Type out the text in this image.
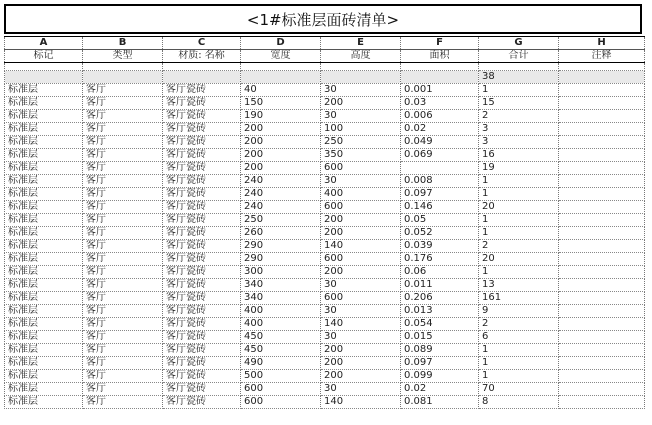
<1#标准层面砖清单>
A	B	C	D	E	F	G	H
标记	类型	材质: 名称	宽度	高度	面积	合计	注释

						38	
标准层	客厅	客厅瓷砖	40	30	0.001	1	
标准层	客厅	客厅瓷砖	150	200	0.03	15	
标准层	客厅	客厅瓷砖	190	30	0.006	2	
标准层	客厅	客厅瓷砖	200	100	0.02	3	
标准层	客厅	客厅瓷砖	200	250	0.049	3	
标准层	客厅	客厅瓷砖	200	350	0.069	16	
标准层	客厅	客厅瓷砖	200	600		19	
标准层	客厅	客厅瓷砖	240	30	0.008	1	
标准层	客厅	客厅瓷砖	240	400	0.097	1	
标准层	客厅	客厅瓷砖	240	600	0.146	20	
标准层	客厅	客厅瓷砖	250	200	0.05	1	
标准层	客厅	客厅瓷砖	260	200	0.052	1	
标准层	客厅	客厅瓷砖	290	140	0.039	2	
标准层	客厅	客厅瓷砖	290	600	0.176	20	
标准层	客厅	客厅瓷砖	300	200	0.06	1	
标准层	客厅	客厅瓷砖	340	30	0.011	13	
标准层	客厅	客厅瓷砖	340	600	0.206	161	
标准层	客厅	客厅瓷砖	400	30	0.013	9	
标准层	客厅	客厅瓷砖	400	140	0.054	2	
标准层	客厅	客厅瓷砖	450	30	0.015	6	
标准层	客厅	客厅瓷砖	450	200	0.089	1	
标准层	客厅	客厅瓷砖	490	200	0.097	1	
标准层	客厅	客厅瓷砖	500	200	0.099	1	
标准层	客厅	客厅瓷砖	600	30	0.02	70	
标准层	客厅	客厅瓷砖	600	140	0.081	8	
